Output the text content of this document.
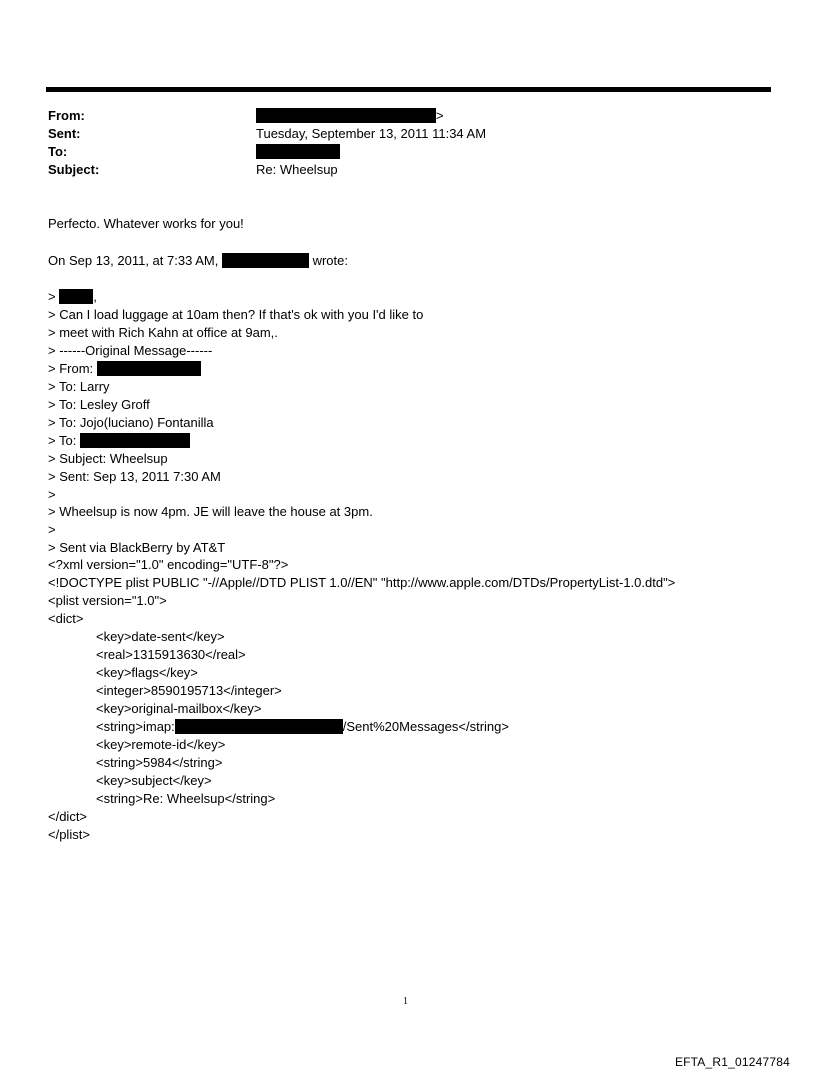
From:	>
Sent:	Tuesday, September 13, 2011 11:34 AM
To:
Subject:	Re: Wheelsup
Perfecto. Whatever works for you!
On Sep 13, 2011, at 7:33 AM,	wrote:
>	,
> Can I load luggage at 10am then? If that's ok with you I'd like to
> meet with Rich Kahn at office at 9am,.
> ------Original Message------
> From:
> To: Larry
> To: Lesley Groff
> To: Jojo(luciano) Fontanilla
> To:
> Subject: Wheelsup
> Sent: Sep 13, 2011 7:30 AM
>
> Wheelsup is now 4pm. JE will leave the house at 3pm.
>
> Sent via BlackBerry by AT&T
<?xml version="1.0" encoding="UTF-8"?>
<!DOCTYPE plist PUBLIC "-//Apple//DTD PLIST 1.0//EN" "http://www.apple.com/DTDs/PropertyList-1.0.dtd">
<plist version="1.0">
<dict>
<key>date-sent</key>
<real>1315913630</real>
<key>flags</key>
<integer>8590195713</integer>
<key>original-mailbox</key>
<string>imap:	/Sent%20Messages</string>
<key>remote-id</key>
<string>5984</string>
<key>subject</key>
<string>Re: Wheelsup</string>
</dict>
</plist>
1
EFTA_R1_01247784
